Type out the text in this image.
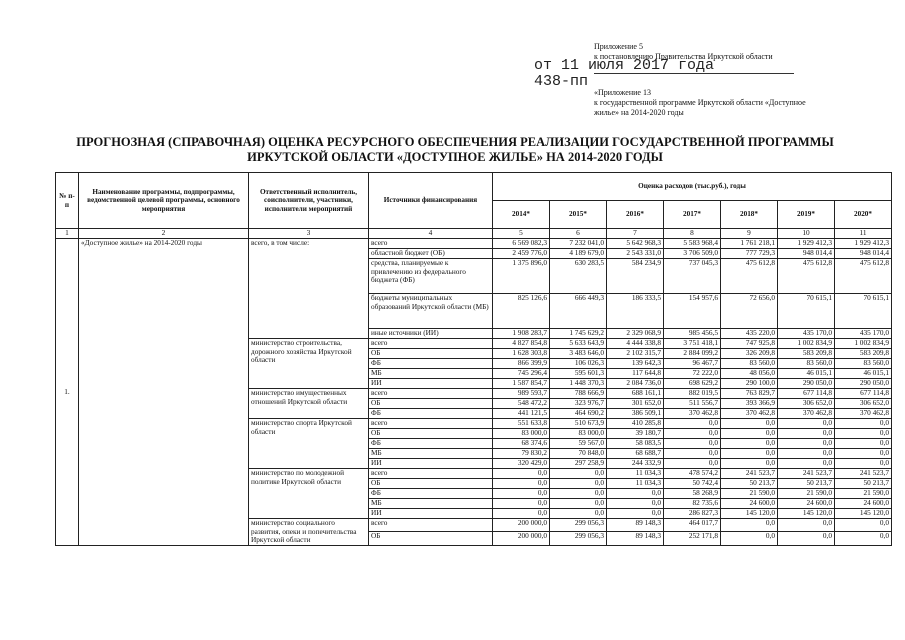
Приложение 5
к постановлению Правительства Иркутской области
от 11 июля 2017 года
438-пп
«Приложение 13
к государственной программе Иркутской области «Доступное
жилье» на 2014-2020 годы
ПРОГНОЗНАЯ (СПРАВОЧНАЯ) ОЦЕНКА РЕСУРСНОГО ОБЕСПЕЧЕНИЯ РЕАЛИЗАЦИИ ГОСУДАРСТВЕННОЙ ПРОГРАММЫ
ИРКУТСКОЙ ОБЛАСТИ «ДОСТУПНОЕ ЖИЛЬЕ» НА 2014-2020 ГОДЫ
№ п-п	Наименование программы, подпрограммы, ведомственной целевой программы, основного мероприятия	Ответственный исполнитель, соисполнители, участники, исполнители мероприятий	Источники финансирования	Оценка расходов (тыс.руб.), годы						
				2014*	2015*	2016*	2017*	2018*	2019*	2020*
1	2	3	4	5	6	7	8	9	10	11
1.	«Доступное жилье» на 2014-2020 годы	всего, в том числе:	всего	6 569 082,3	7 232 041,0	5 642 968,3	5 583 968,4	1 761 218,1	1 929 412,3	1 929 412,3
			областной бюджет (ОБ)	2 459 776,0	4 189 679,0	2 543 331,0	3 706 509,0	777 729,3	948 014,4	948 014,4
			средства, планируемые к привлечению из федерального бюджета (ФБ)	1 375 896,0	630 283,5	584 234,9	737 045,3	475 612,8	475 612,8	475 612,8
			бюджеты муниципальных образований Иркутской области (МБ)	825 126,6	666 449,3	186 333,5	154 957,6	72 656,0	70 615,1	70 615,1
			иные источники (ИИ)	1 908 283,7	1 745 629,2	2 329 068,9	985 456,5	435 220,0	435 170,0	435 170,0
		министерство строительства, дорожного хозяйства Иркутской области	всего	4 827 854,8	5 633 643,9	4 444 338,8	3 751 418,1	747 925,8	1 002 834,9	1 002 834,9
			ОБ	1 628 303,8	3 483 646,0	2 102 315,7	2 884 099,2	326 209,8	583 209,8	583 209,8
			ФБ	866 399,9	106 026,3	139 642,3	96 467,7	83 560,0	83 560,0	83 560,0
			МБ	745 296,4	595 601,3	117 644,8	72 222,0	48 056,0	46 015,1	46 015,1
			ИИ	1 587 854,7	1 448 370,3	2 084 736,0	698 629,2	290 100,0	290 050,0	290 050,0
		министерство имущественных отношений Иркутской области	всего	989 593,7	788 666,9	688 161,1	882 019,5	763 829,7	677 114,8	677 114,8
			ОБ	548 472,2	323 976,7	301 652,0	511 556,7	393 366,9	306 652,0	306 652,0
			ФБ	441 121,5	464 690,2	386 509,1	370 462,8	370 462,8	370 462,8	370 462,8
		министерство спорта Иркутской области	всего	551 633,8	510 673,9	410 285,8	0,0	0,0	0,0	0,0
			ОБ	83 000,0	83 000,0	39 180,7	0,0	0,0	0,0	0,0
			ФБ	68 374,6	59 567,0	58 083,5	0,0	0,0	0,0	0,0
			МБ	79 830,2	70 848,0	68 688,7	0,0	0,0	0,0	0,0
			ИИ	320 429,0	297 258,9	244 332,9	0,0	0,0	0,0	0,0
		министерство по молодежной политике Иркутской области	всего	0,0	0,0	11 034,3	478 574,2	241 523,7	241 523,7	241 523,7
			ОБ	0,0	0,0	11 034,3	50 742,4	50 213,7	50 213,7	50 213,7
			ФБ	0,0	0,0	0,0	58 268,9	21 590,0	21 590,0	21 590,0
			МБ	0,0	0,0	0,0	82 735,6	24 600,0	24 600,0	24 600,0
			ИИ	0,0	0,0	0,0	286 827,3	145 120,0	145 120,0	145 120,0
		министерство социального развития, опеки и попечительства Иркутской области	всего	200 000,0	299 056,3	89 148,3	464 017,7	0,0	0,0	0,0
			ОБ	200 000,0	299 056,3	89 148,3	252 171,8	0,0	0,0	0,0
